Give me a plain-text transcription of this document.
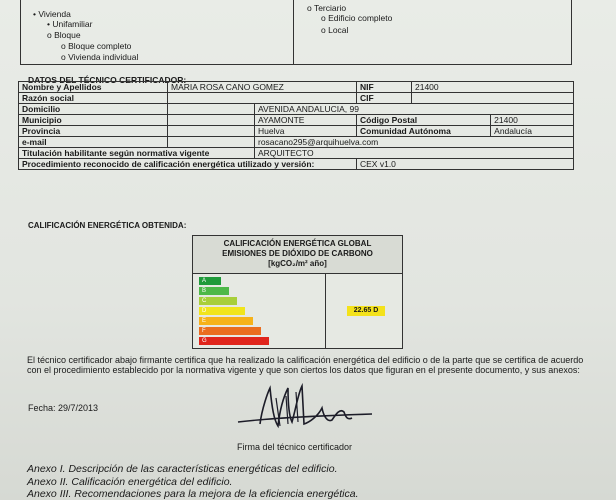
• Vivienda
• Unifamiliar
o Bloque
o Bloque completo
o Vivienda individual
o Terciario
o Edificio completo
o Local
DATOS DEL TÉCNICO CERTIFICADOR:
Nombre y Apellidos	MARIA ROSA CANO GOMEZ		NIF	21400	
Razón social			CIF		
Domicilio		AVENIDA ANDALUCIA, 99			
Municipio		AYAMONTE	Código Postal		21400
Provincia		Huelva	Comunidad Autónoma		Andalucía
e-mail		rosacano295@arquihuelva.com			
Titulación habilitante según normativa vigente		ARQUITECTO			
Procedimiento reconocido de calificación energética utilizado y versión:			CEX v1.0		
CALIFICACIÓN ENERGÉTICA OBTENIDA:
CALIFICACIÓN ENERGÉTICA GLOBAL
EMISIONES DE DIÓXIDO DE CARBONO
[kgCO₂/m² año]
A
B
C
D
E
F
G
22.65 D
El técnico certificador abajo firmante certifica que ha realizado la calificación energética del edificio o de la parte que se certifica de acuerdo con el procedimiento establecido por la normativa vigente y que son ciertos los datos que figuran en el presente documento, y sus anexos:
Fecha: 29/7/2013
Firma del técnico certificador
Anexo I. Descripción de las características energéticas del edificio.
Anexo II. Calificación energética del edificio.
Anexo III. Recomendaciones para la mejora de la eficiencia energética.
